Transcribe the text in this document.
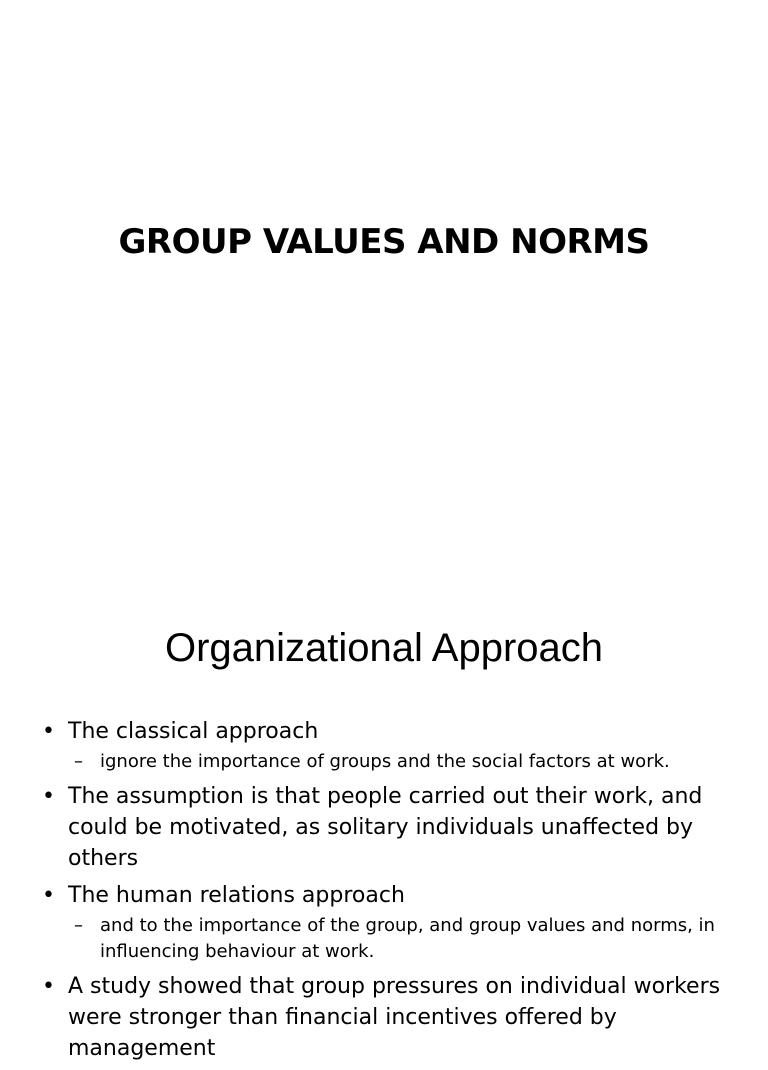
GROUP VALUES AND NORMS
Organizational Approach
• The classical approach
– ignore the importance of groups and the social factors at work.
• The assumption is that people carried out their work, and could be motivated, as solitary individuals unaffected by others
• The human relations approach
– and to the importance of the group, and group values and norms, in influencing behaviour at work.
• A study showed that group pressures on individual workers were stronger than financial incentives offered by management
